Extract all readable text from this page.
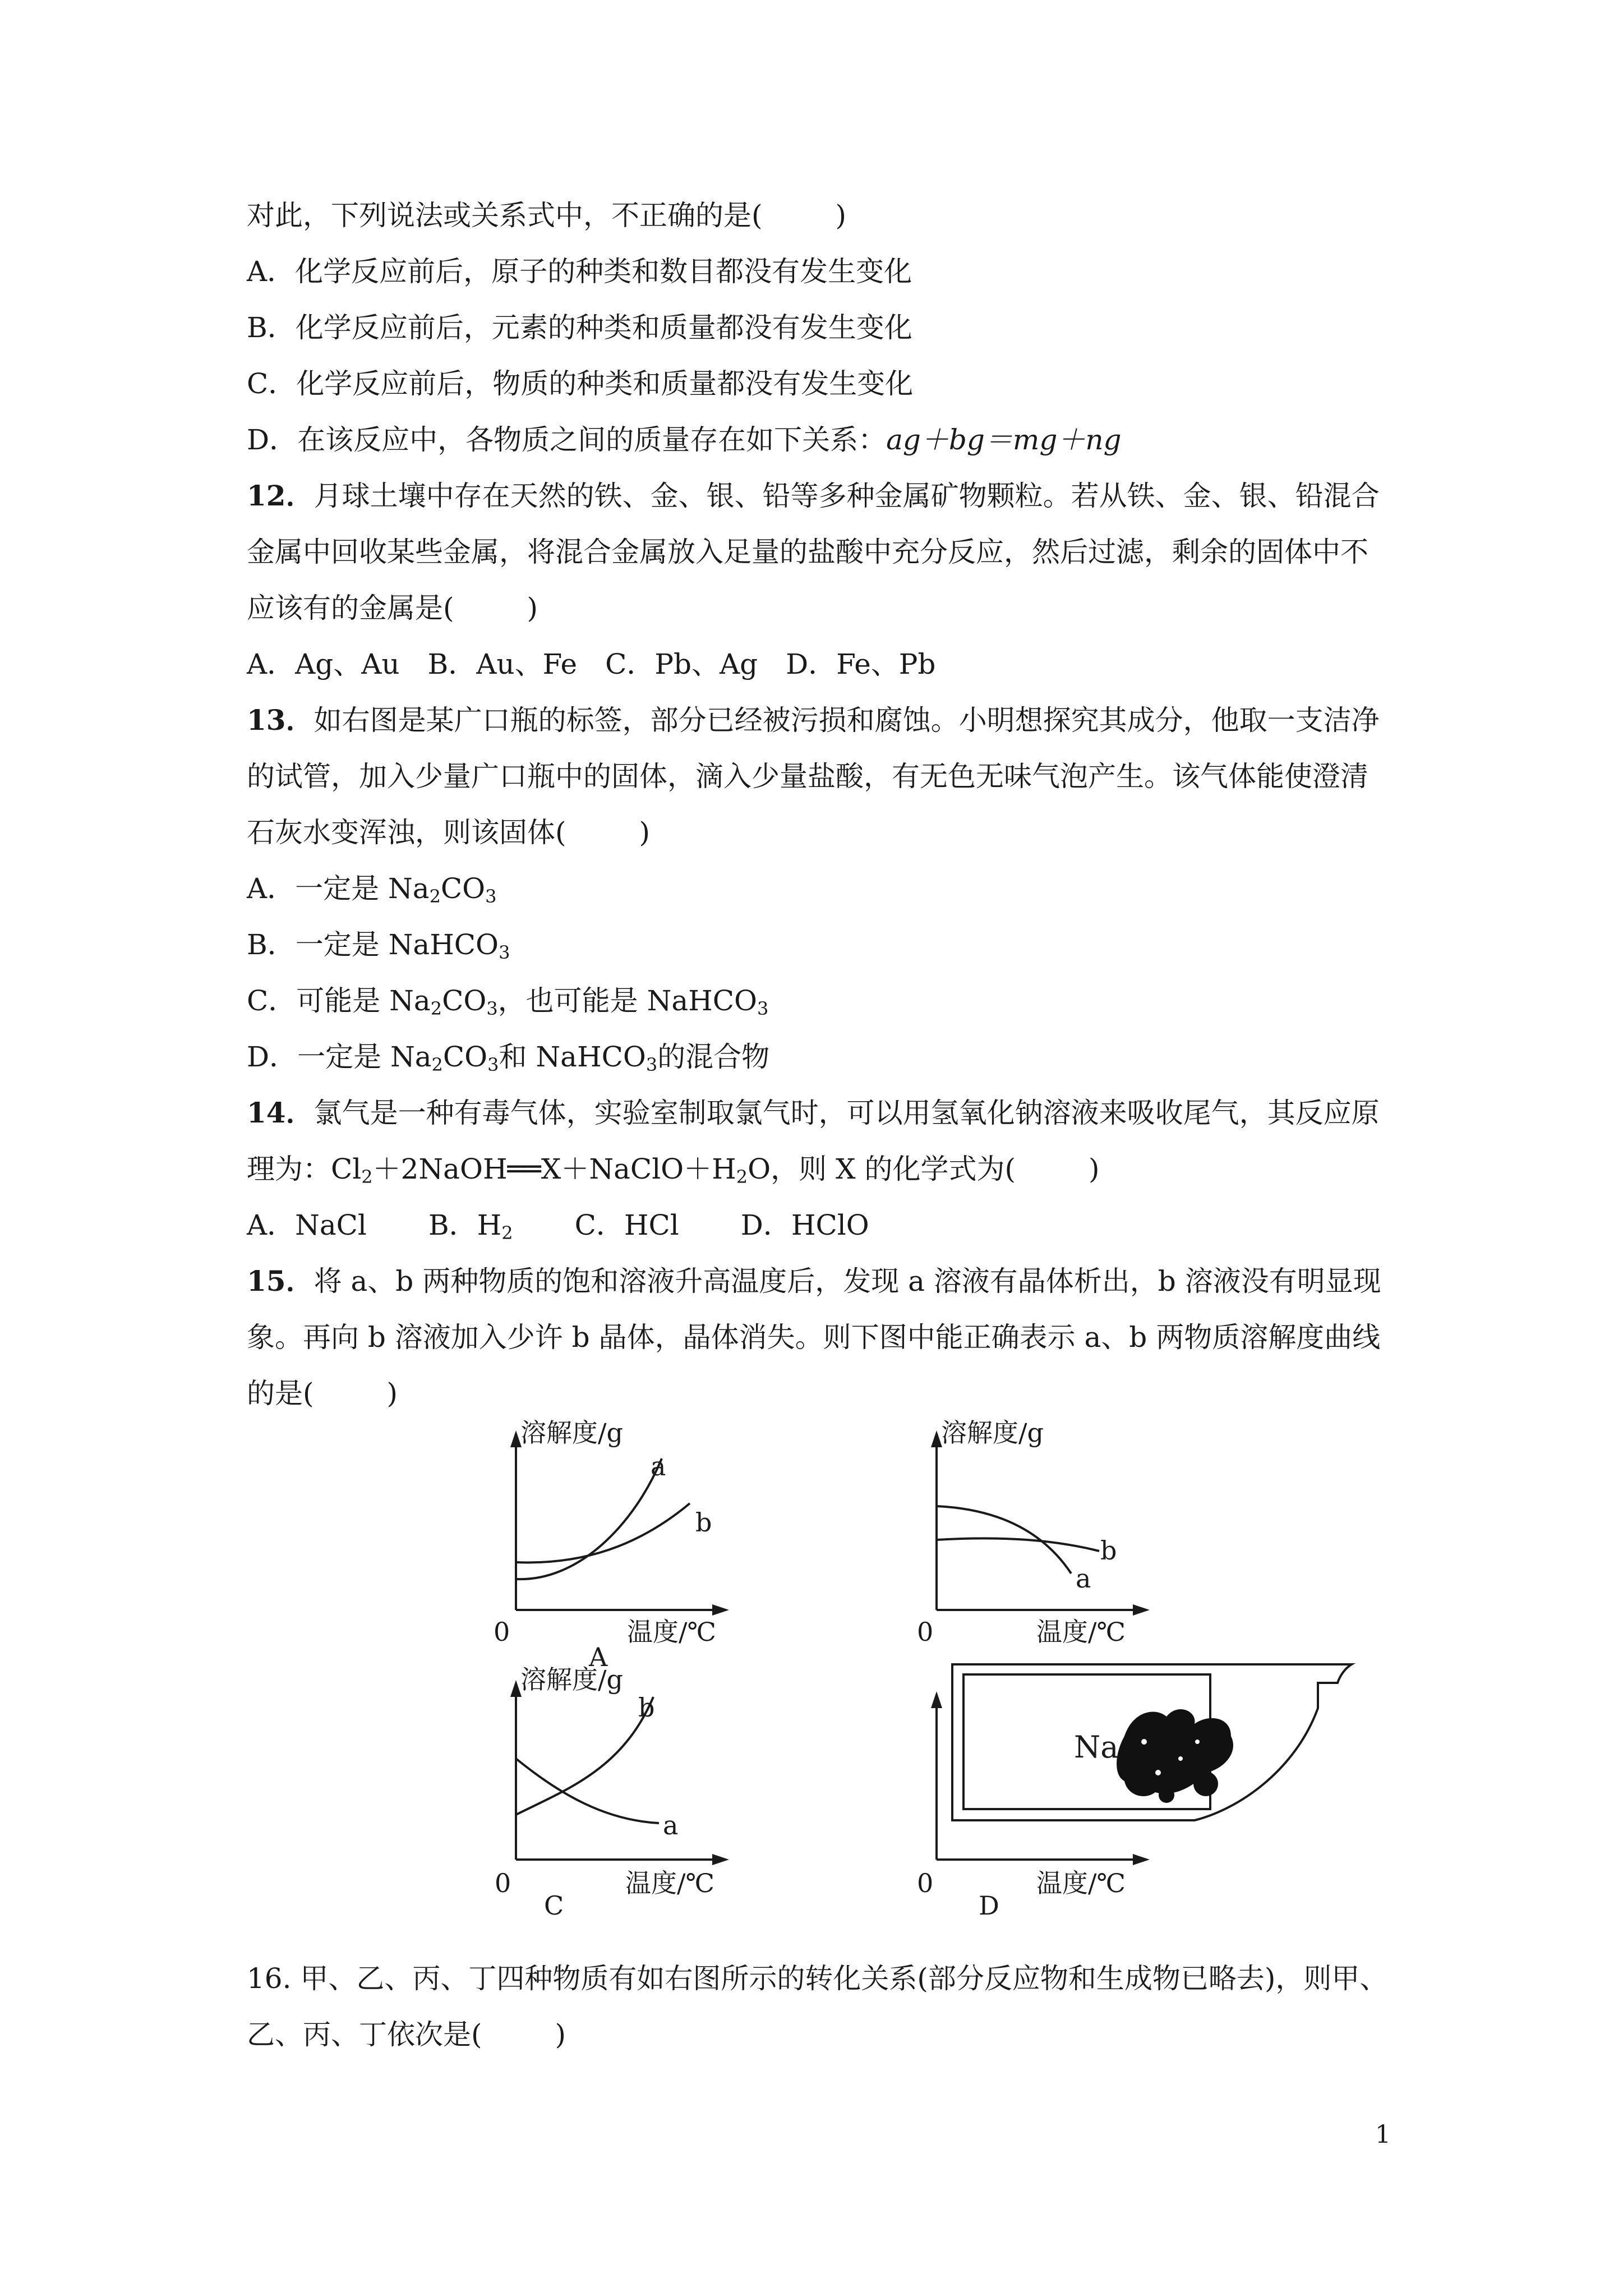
对此，下列说法或关系式中，不正确的是(	)
A．化学反应前后，原子的种类和数目都没有发生变化
B．化学反应前后，元素的种类和质量都没有发生变化
C．化学反应前后，物质的种类和质量都没有发生变化
D．在该反应中，各物质之间的质量存在如下关系：ag＋bg＝mg＋ng
12．月球土壤中存在天然的铁、金、银、铅等多种金属矿物颗粒。若从铁、金、银、铅混合
金属中回收某些金属，将混合金属放入足量的盐酸中充分反应，然后过滤，剩余的固体中不
应该有的金属是(	)
A．Ag、Au　B．Au、Fe　C．Pb、Ag　D．Fe、Pb
13．如右图是某广口瓶的标签，部分已经被污损和腐蚀。小明想探究其成分，他取一支洁净
的试管，加入少量广口瓶中的固体，滴入少量盐酸，有无色无味气泡产生。该气体能使澄清
石灰水变浑浊，则该固体(	)
A．一定是 $Na_2CO_3$
B．一定是 NaHCO$_3$
C．可能是 $Na_2CO_3$，也可能是 NaHCO$_3$
D．一定是 $Na_2CO_3$和 NaHCO$_3$的混合物
14．氯气是一种有毒气体，实验室制取氯气时，可以用氢氧化钠溶液来吸收尾气，其反应原
理为：$Cl_2+2NaOH══X+NaClO+H_2O$，则 X 的化学式为(	)
A．NaCl B．$H_2$ C．HCl D．HClO
15．将 a、b 两种物质的饱和溶液升高温度后，发现 a 溶液有晶体析出，b 溶液没有明显现
象。再向 b 溶液加入少许 b 晶体，晶体消失。则下图中能正确表示 a、b 两物质溶解度曲线
的是(	)
溶解度/g
a
b
0	温度/℃
A
溶解度/g
b
a
0	温度/℃
溶解度/g
b
a
0	温度/℃
C
Na
0	温度/℃
D
16. 甲、乙、丙、丁四种物质有如右图所示的转化关系(部分反应物和生成物已略去)，则甲、
乙、丙、丁依次是(	)
1
